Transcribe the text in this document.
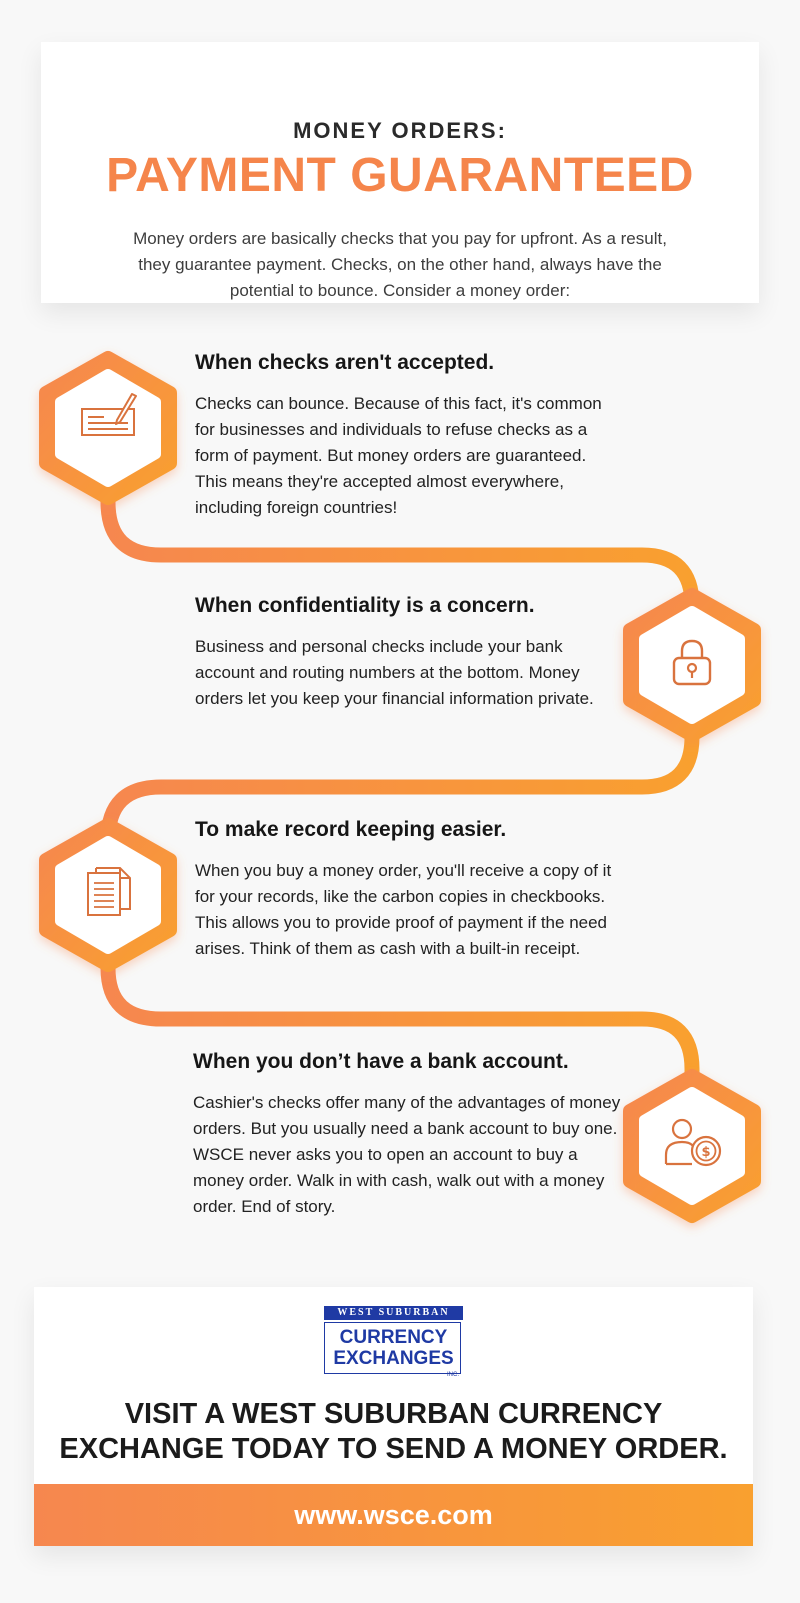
MONEY ORDERS:
PAYMENT GUARANTEED
Money orders are basically checks that you pay for upfront. As a result, they guarantee payment. Checks, on the other hand, always have the potential to bounce. Consider a money order:
$
When checks aren't accepted.
Checks can bounce. Because of this fact, it's common for businesses and individuals to refuse checks as a form of payment. But money orders are guaranteed. This means they're accepted almost everywhere, including foreign countries!
When confidentiality is a concern.
Business and personal checks include your bank account and routing numbers at the bottom. Money orders let you keep your financial information private.
To make record keeping easier.
When you buy a money order, you'll receive a copy of it for your records, like the carbon copies in checkbooks. This allows you to provide proof of payment if the need arises. Think of them as cash with a built-in receipt.
When you don’t have a bank account.
Cashier's checks offer many of the advantages of money orders. But you usually need a bank account to buy one. WSCE never asks you to open an account to buy a money order. Walk in with cash, walk out with a money order. End of story.
WEST SUBURBAN
CURRENCY
EXCHANGES
INC.
VISIT A WEST SUBURBAN CURRENCY
EXCHANGE TODAY TO SEND A MONEY ORDER.
www.wsce.com
